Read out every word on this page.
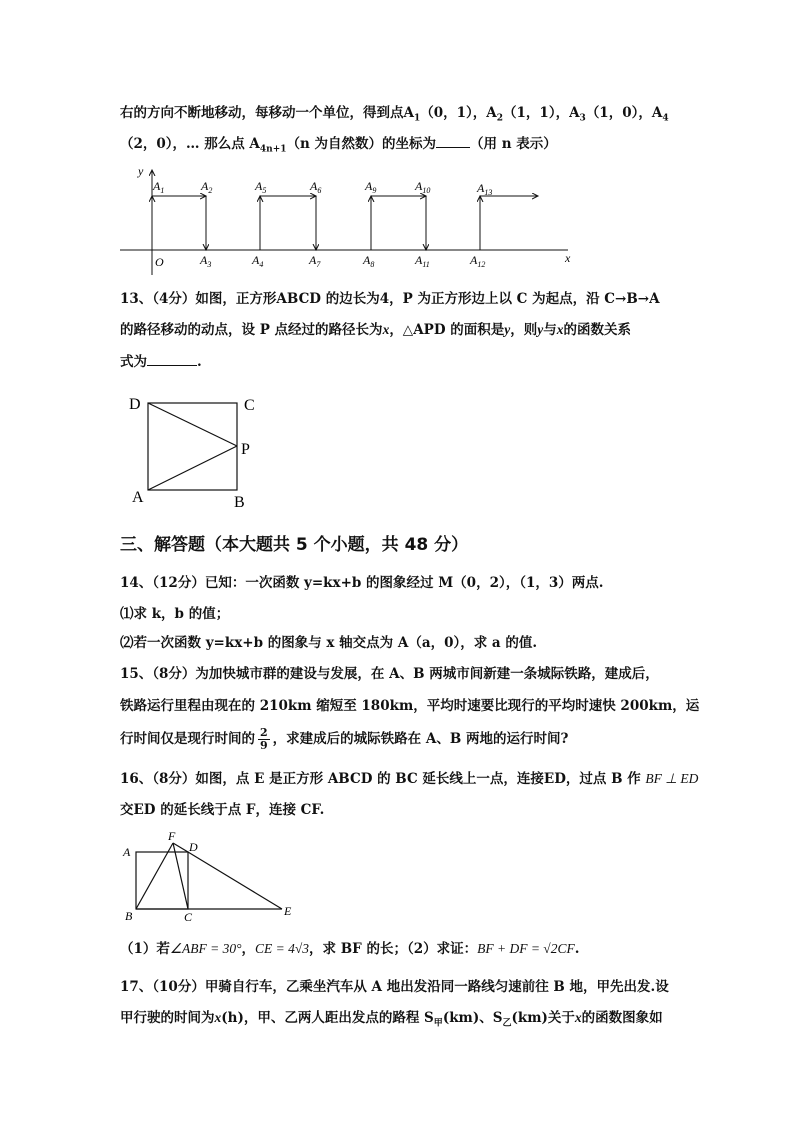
右的方向不断地移动，每移动一个单位，得到点$A_1(0$，1），$A_2(1$，1），$A_3(1$，0），$A_4$
（2，0），… 那么点 $A_{4n+1}(n$ 为自然数）的坐标为	（用 n 表示）
y
x
O
$A_1$	$A_2$	$A_5$	$A_6$	$A_9$	$A_{10}$	$A_{13}$
$A_3$	$A_4$	$A_7$	$A_8$	$A_{11}$	$A_{12}$
13、（4分）如图，正方形ABCD 的边长为4，P 为正方形边上以 C 为起点，沿 C→B→A
的路径移动的动点，设 P 点经过的路径长为x，△APD 的面积是y，则y与x的函数关系
式为	.
D	C
P
A	B
三、解答题（本大题共 5 个小题，共 48 分）
14、（12分）已知：一次函数 y=kx+b 的图象经过 M（0，2），（1，3）两点.
⑴求 k，b 的值；
⑵若一次函数 y=kx+b 的图象与 x 轴交点为 A（a，0），求 a 的值.
15、（8分）为加快城市群的建设与发展，在 A、B 两城市间新建一条城际铁路，建成后，
铁路运行里程由现在的 210km 缩短至 180km，平均时速要比现行的平均时速快 200km，运
行时间仅是现行时间的 $\frac{2}{9}$ ，求建成后的城际铁路在 A、B 两地的运行时间?
16、（8分）如图，点 E 是正方形 ABCD 的 BC 延长线上一点，连接ED，过点 B 作 BF ⊥ ED
交ED 的延长线于点 F，连接 CF.
A
F
D
B	C	E
（1）若∠ABF = 30°，CE = 4√3，求 BF 的长；（2）求证：BF + DF = √2CF.
17、（10分）甲骑自行车，乙乘坐汽车从 A 地出发沿同一路线匀速前往 B 地，甲先出发.设
甲行驶的时间为x(h)，甲、乙两人距出发点的路程 $S_甲(km)$、$S_乙(km)$关于x的函数图象如
